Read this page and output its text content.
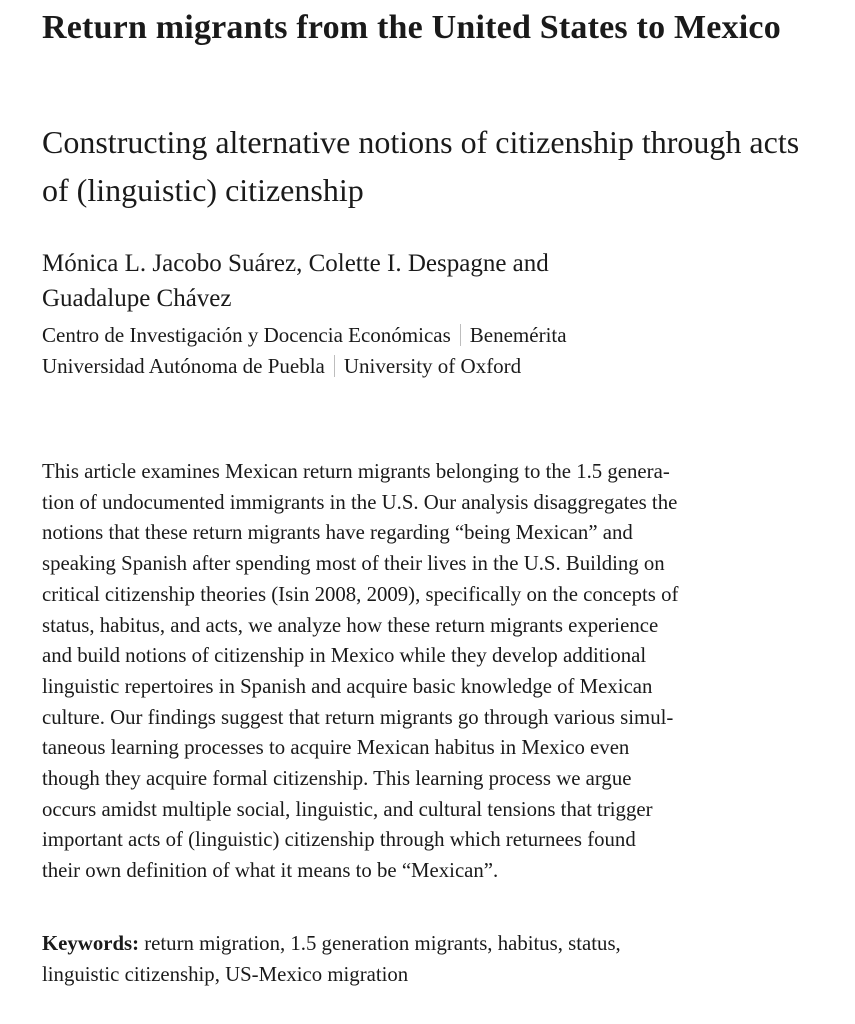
Return migrants from the United States to Mexico
Constructing alternative notions of citizenship through acts of (linguistic) citizenship
Mónica L. Jacobo Suárez, Colette I. Despagne and
Guadalupe Chávez
Centro de Investigación y Docencia Económicas Benemérita
Universidad Autónoma de Puebla University of Oxford
This article examines Mexican return migrants belonging to the 1.5 genera-
tion of undocumented immigrants in the U.S. Our analysis disaggregates the
notions that these return migrants have regarding “being Mexican” and
speaking Spanish after spending most of their lives in the U.S. Building on
critical citizenship theories (Isin 2008, 2009), specifically on the concepts of
status, habitus, and acts, we analyze how these return migrants experience
and build notions of citizenship in Mexico while they develop additional
linguistic repertoires in Spanish and acquire basic knowledge of Mexican
culture. Our findings suggest that return migrants go through various simul-
taneous learning processes to acquire Mexican habitus in Mexico even
though they acquire formal citizenship. This learning process we argue
occurs amidst multiple social, linguistic, and cultural tensions that trigger
important acts of (linguistic) citizenship through which returnees found
their own definition of what it means to be “Mexican”.
Keywords: return migration, 1.5 generation migrants, habitus, status,
linguistic citizenship, US-Mexico migration
